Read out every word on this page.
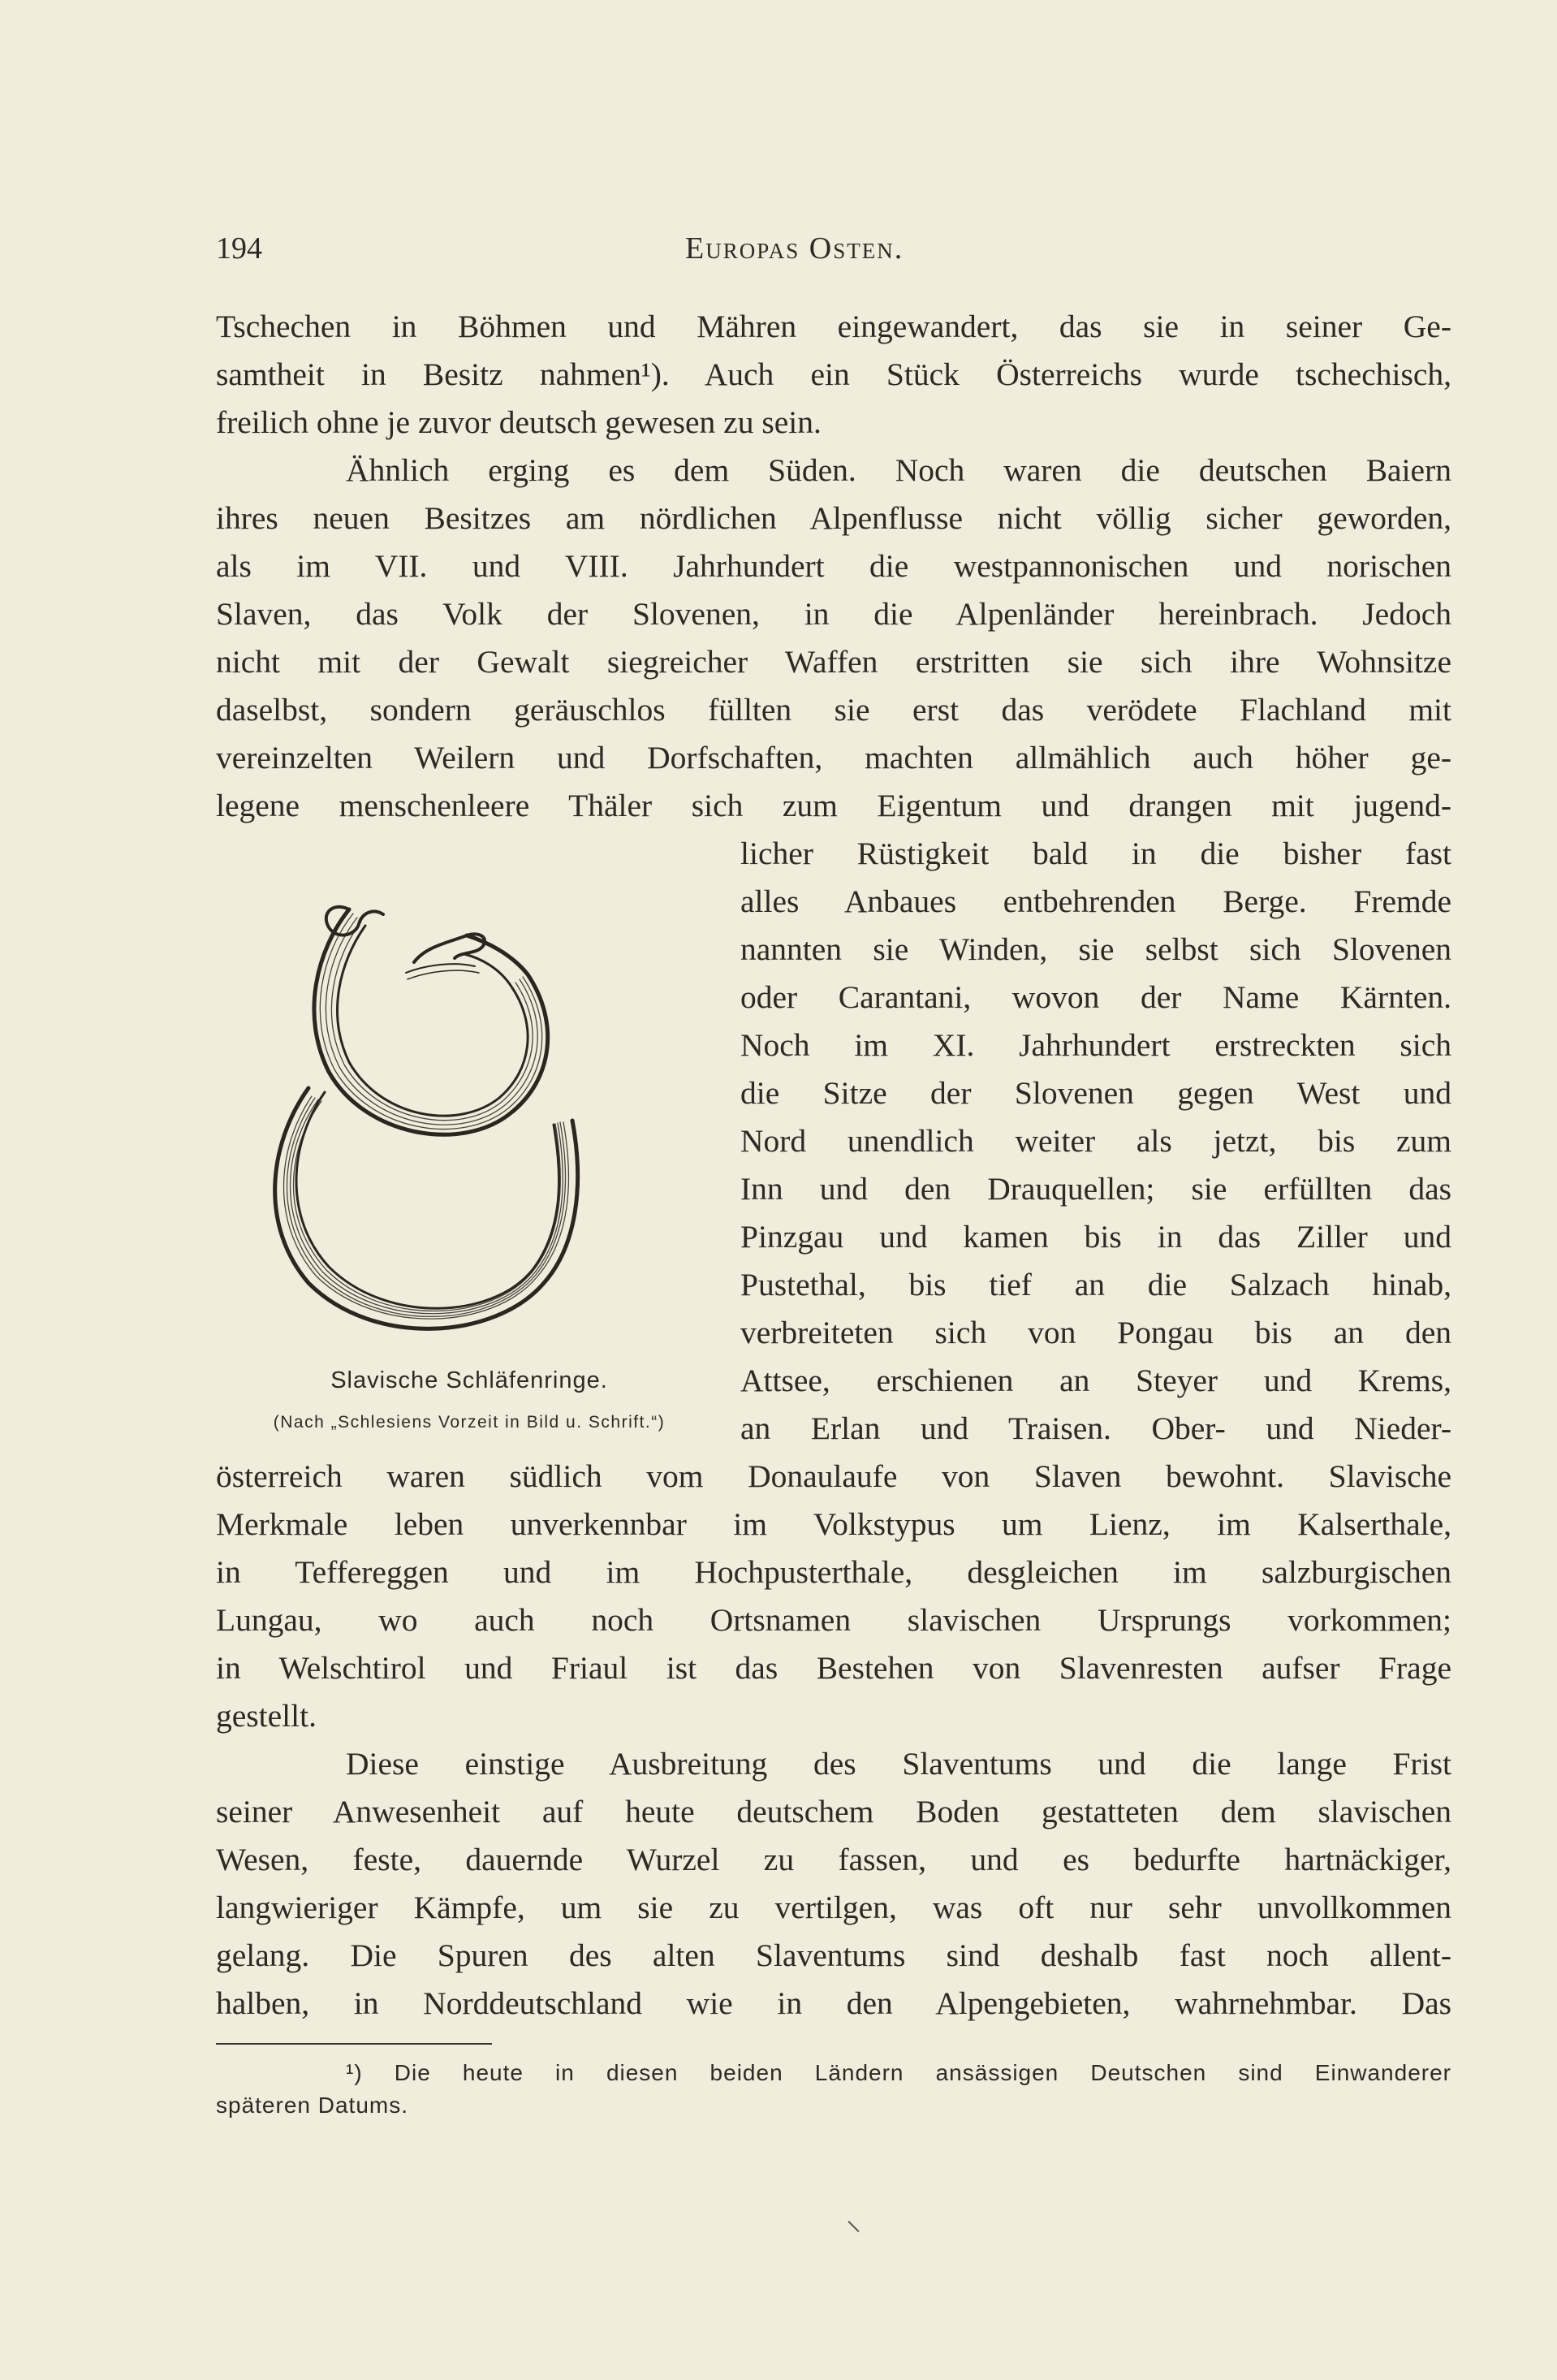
194	Europas Osten.
Tschechen in Böhmen und Mähren eingewandert, das sie in seiner Ge-
samtheit in Besitz nahmen¹). Auch ein Stück Österreichs wurde tschechisch,
freilich ohne je zuvor deutsch gewesen zu sein.
Ähnlich erging es dem Süden. Noch waren die deutschen Baiern
ihres neuen Besitzes am nördlichen Alpenflusse nicht völlig sicher geworden,
als im VII. und VIII. Jahrhundert die westpannonischen und norischen
Slaven, das Volk der Slovenen, in die Alpenländer hereinbrach. Jedoch
nicht mit der Gewalt siegreicher Waffen erstritten sie sich ihre Wohnsitze
daselbst, sondern geräuschlos füllten sie erst das verödete Flachland mit
vereinzelten Weilern und Dorfschaften, machten allmählich auch höher ge-
legene menschenleere Thäler sich zum Eigentum und drangen mit jugend-
licher Rüstigkeit bald in die bisher fast
alles Anbaues entbehrenden Berge. Fremde
nannten sie Winden, sie selbst sich Slovenen
oder Carantani, wovon der Name Kärnten.
Noch im XI. Jahrhundert erstreckten sich
die Sitze der Slovenen gegen West und
Nord unendlich weiter als jetzt, bis zum
Inn und den Drauquellen; sie erfüllten das
Pinzgau und kamen bis in das Ziller und
Pustethal, bis tief an die Salzach hinab,
verbreiteten sich von Pongau bis an den
Attsee, erschienen an Steyer und Krems,
an Erlan und Traisen. Ober- und Nieder-
Slavische Schläfenringe.
(Nach „Schlesiens Vorzeit in Bild u. Schrift.“)
österreich waren südlich vom Donaulaufe von Slaven bewohnt. Slavische
Merkmale leben unverkennbar im Volkstypus um Lienz, im Kalserthale,
in Teffereggen und im Hochpusterthale, desgleichen im salzburgischen
Lungau, wo auch noch Ortsnamen slavischen Ursprungs vorkommen;
in Welschtirol und Friaul ist das Bestehen von Slavenresten aufser Frage
gestellt.
Diese einstige Ausbreitung des Slaventums und die lange Frist
seiner Anwesenheit auf heute deutschem Boden gestatteten dem slavischen
Wesen, feste, dauernde Wurzel zu fassen, und es bedurfte hartnäckiger,
langwieriger Kämpfe, um sie zu vertilgen, was oft nur sehr unvollkommen
gelang. Die Spuren des alten Slaventums sind deshalb fast noch allent-
halben, in Norddeutschland wie in den Alpengebieten, wahrnehmbar. Das
¹) Die heute in diesen beiden Ländern ansässigen Deutschen sind Einwanderer
späteren Datums.
⸜
